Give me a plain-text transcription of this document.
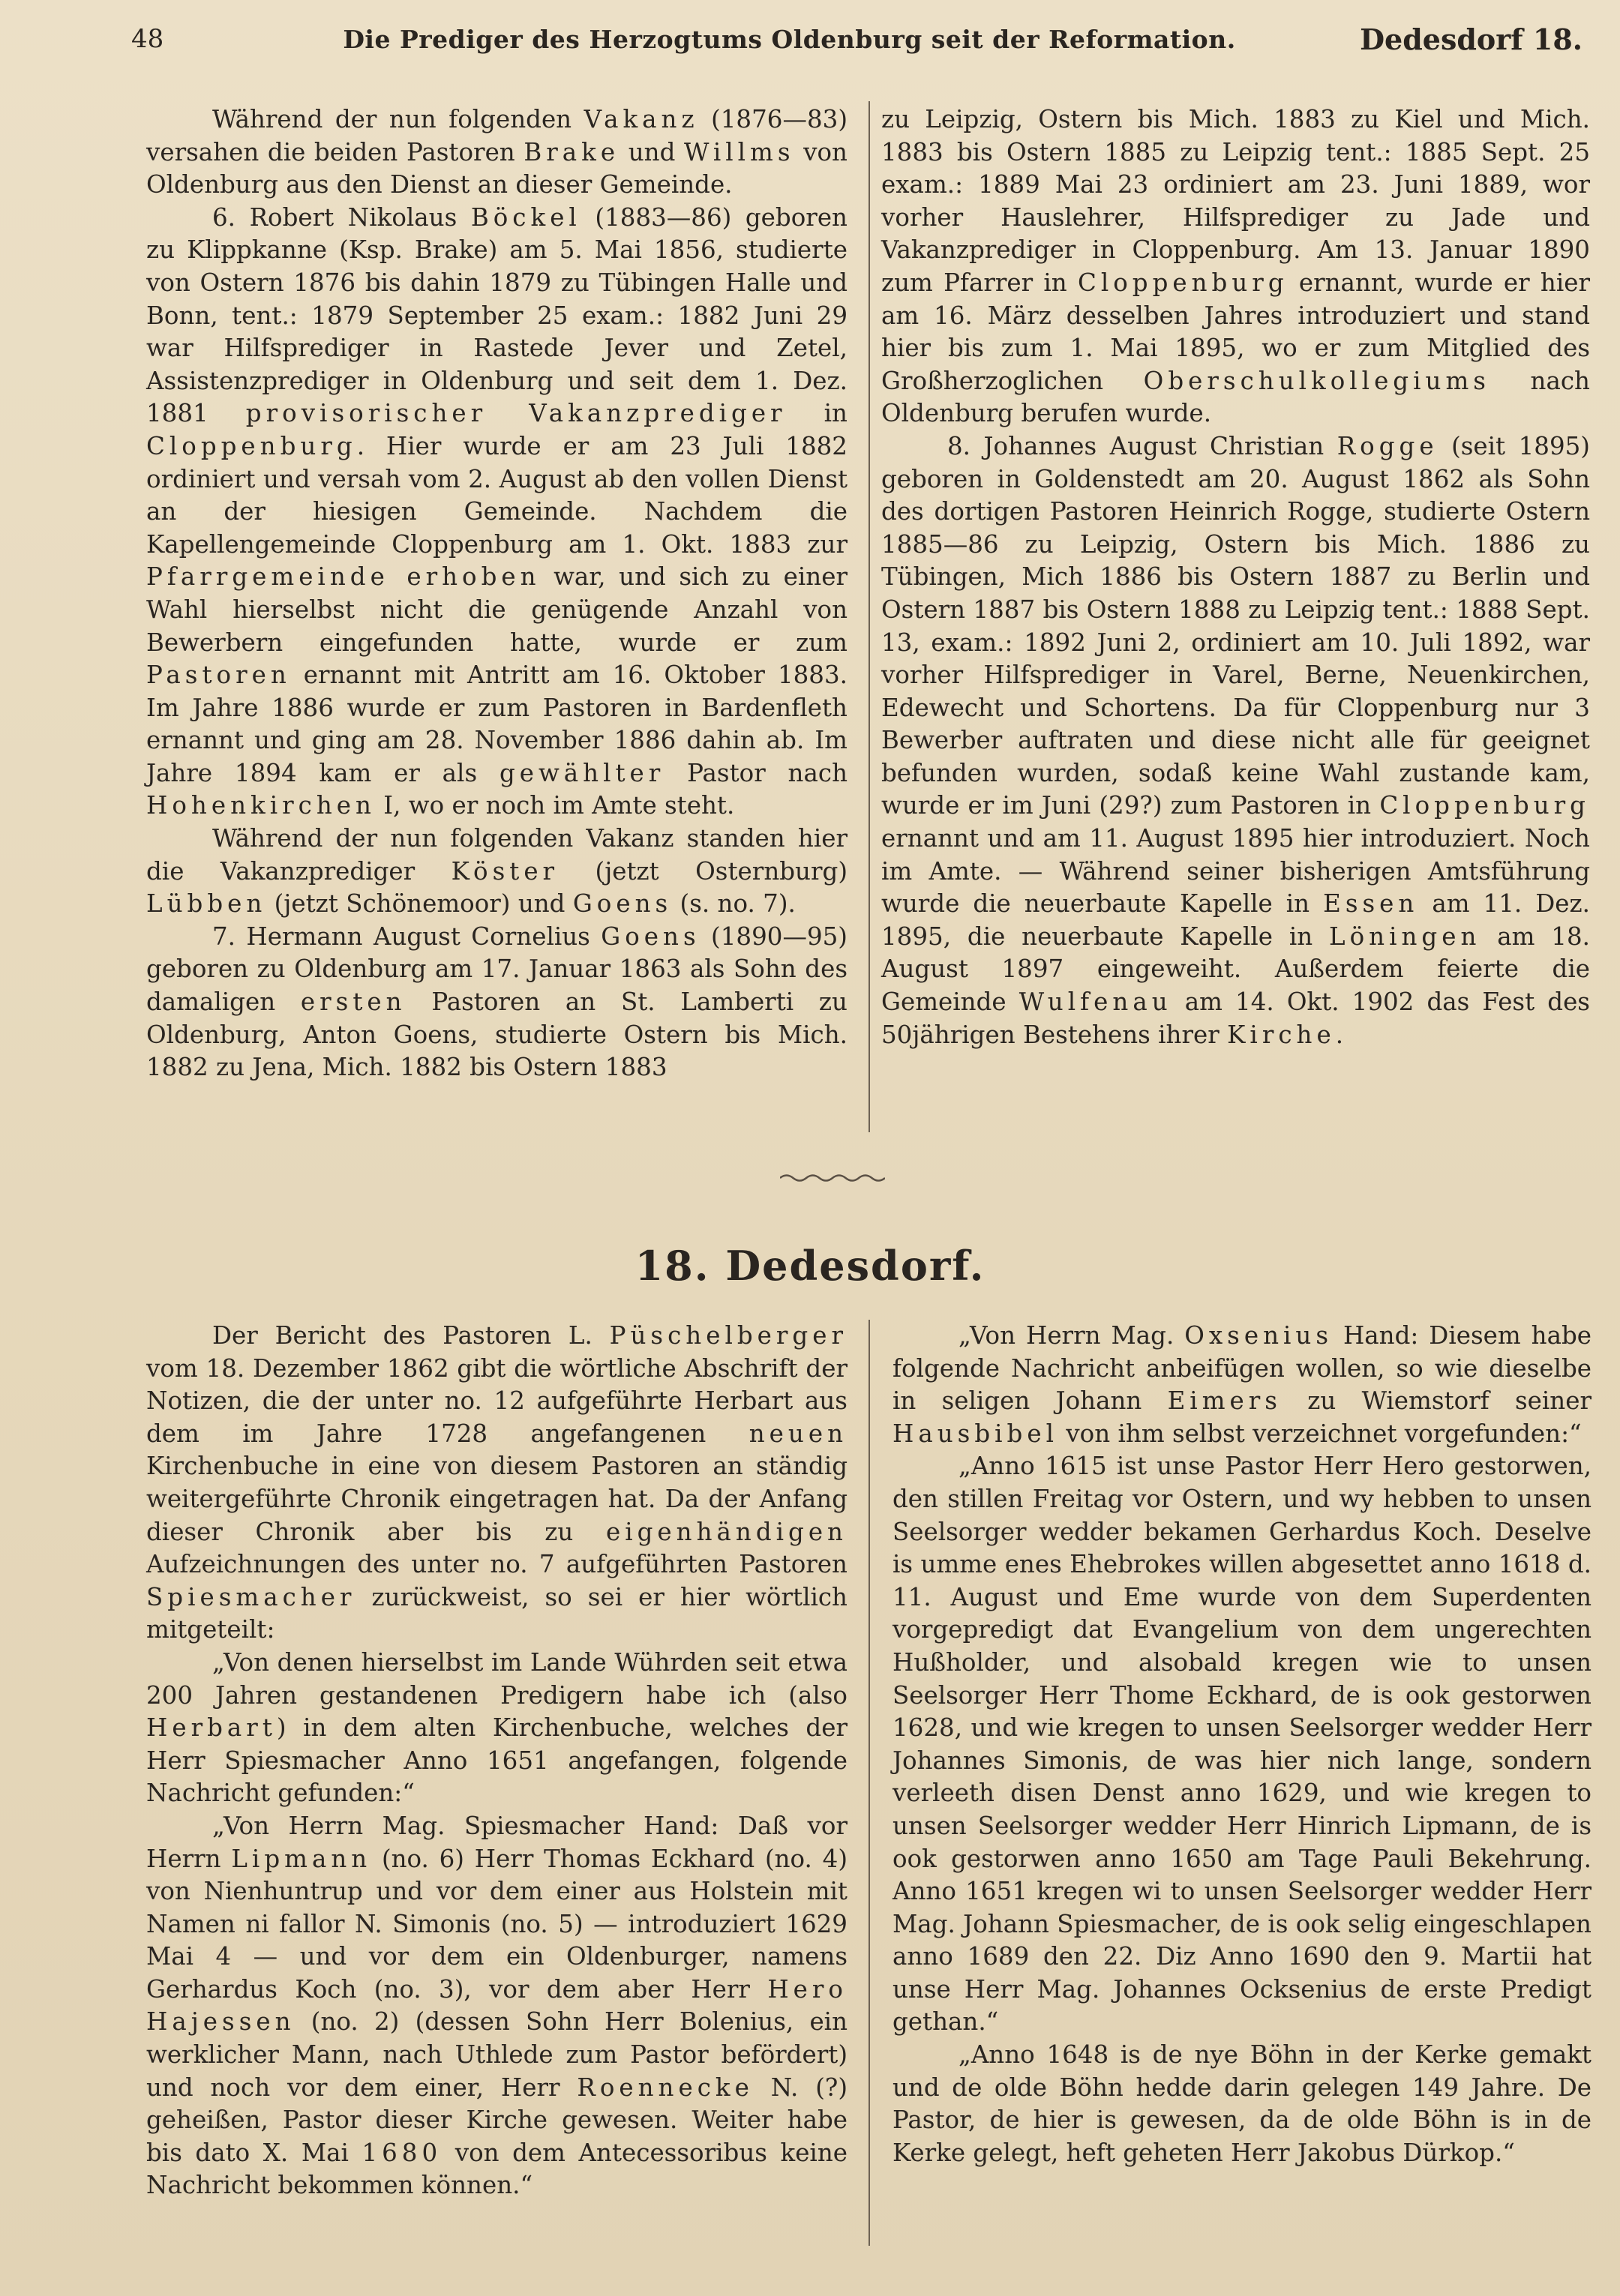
48	Die Prediger des Herzogtums Oldenburg seit der Reformation.	Dedesdorf 18.

Während der nun folgenden Vakanz (1876—83) versahen die beiden Pastoren Brake und Willms von Oldenburg aus den Dienst an dieser Gemeinde.

6. Robert Nikolaus Böckel (1883—86) geboren zu Klippkanne (Ksp. Brake) am 5. Mai 1856, studierte von Ostern 1876 bis dahin 1879 zu Tübingen Halle und Bonn, tent.: 1879 September 25 exam.: 1882 Juni 29 war Hilfsprediger in Rastede Jever und Zetel, Assistenzprediger in Oldenburg und seit dem 1. Dez. 1881 provisorischer Vakanzprediger in Cloppenburg. Hier wurde er am 23 Juli 1882 ordiniert und versah vom 2. August ab den vollen Dienst an der hiesigen Gemeinde. Nachdem die Kapellengemeinde Cloppenburg am 1. Okt. 1883 zur Pfarrgemeinde erhoben war, und sich zu einer Wahl hierselbst nicht die genügende Anzahl von Bewerbern eingefunden hatte, wurde er zum Pastoren ernannt mit Antritt am 16. Oktober 1883. Im Jahre 1886 wurde er zum Pastoren in Bardenfleth ernannt und ging am 28. November 1886 dahin ab. Im Jahre 1894 kam er als gewählter Pastor nach Hohenkirchen I, wo er noch im Amte steht.

Während der nun folgenden Vakanz standen hier die Vakanzprediger Köster (jetzt Osternburg) Lübben (jetzt Schönemoor) und Goens (s. no. 7).

7. Hermann August Cornelius Goens (1890—95) geboren zu Oldenburg am 17. Januar 1863 als Sohn des damaligen ersten Pastoren an St. Lamberti zu Oldenburg, Anton Goens, studierte Ostern bis Mich. 1882 zu Jena, Mich. 1882 bis Ostern 1883

zu Leipzig, Ostern bis Mich. 1883 zu Kiel und Mich. 1883 bis Ostern 1885 zu Leipzig tent.: 1885 Sept. 25 exam.: 1889 Mai 23 ordiniert am 23. Juni 1889, wor vorher Hauslehrer, Hilfsprediger zu Jade und Vakanzprediger in Cloppenburg. Am 13. Januar 1890 zum Pfarrer in Cloppenburg ernannt, wurde er hier am 16. März desselben Jahres introduziert und stand hier bis zum 1. Mai 1895, wo er zum Mitglied des Großherzoglichen Oberschulkollegiums nach Oldenburg berufen wurde.

8. Johannes August Christian Rogge (seit 1895) geboren in Goldenstedt am 20. August 1862 als Sohn des dortigen Pastoren Heinrich Rogge, studierte Ostern 1885—86 zu Leipzig, Ostern bis Mich. 1886 zu Tübingen, Mich 1886 bis Ostern 1887 zu Berlin und Ostern 1887 bis Ostern 1888 zu Leipzig tent.: 1888 Sept. 13, exam.: 1892 Juni 2, ordiniert am 10. Juli 1892, war vorher Hilfsprediger in Varel, Berne, Neuenkirchen, Edewecht und Schortens. Da für Cloppenburg nur 3 Bewerber auftraten und diese nicht alle für geeignet befunden wurden, sodaß keine Wahl zustande kam, wurde er im Juni (29?) zum Pastoren in Cloppenburg ernannt und am 11. August 1895 hier introduziert. Noch im Amte. — Während seiner bisherigen Amtsführung wurde die neuerbaute Kapelle in Essen am 11. Dez. 1895, die neuerbaute Kapelle in Löningen am 18. August 1897 eingeweiht. Außerdem feierte die Gemeinde Wulfenau am 14. Okt. 1902 das Fest des 50jährigen Bestehens ihrer Kirche.

18. Dedesdorf.

Der Bericht des Pastoren L. Püschelberger vom 18. Dezember 1862 gibt die wörtliche Abschrift der Notizen, die der unter no. 12 aufgeführte Herbart aus dem im Jahre 1728 angefangenen neuen Kirchenbuche in eine von diesem Pastoren an ständig weitergeführte Chronik eingetragen hat. Da der Anfang dieser Chronik aber bis zu eigenhändigen Aufzeichnungen des unter no. 7 aufgeführten Pastoren Spiesmacher zurückweist, so sei er hier wörtlich mitgeteilt:

„Von denen hierselbst im Lande Wührden seit etwa 200 Jahren gestandenen Predigern habe ich (also Herbart) in dem alten Kirchenbuche, welches der Herr Spiesmacher Anno 1651 angefangen, folgende Nachricht gefunden:“

„Von Herrn Mag. Spiesmacher Hand: Daß vor Herrn Lipmann (no. 6) Herr Thomas Eckhard (no. 4) von Nienhuntrup und vor dem einer aus Holstein mit Namen ni fallor N. Simonis (no. 5) — introduziert 1629 Mai 4 — und vor dem ein Oldenburger, namens Gerhardus Koch (no. 3), vor dem aber Herr Hero Hajessen (no. 2) (dessen Sohn Herr Bolenius, ein werklicher Mann, nach Uthlede zum Pastor befördert) und noch vor dem einer, Herr Roennecke N. (?) geheißen, Pastor dieser Kirche gewesen. Weiter habe bis dato X. Mai 1680 von dem Antecessoribus keine Nachricht bekommen können.“

„Von Herrn Mag. Oxsenius Hand: Diesem habe folgende Nachricht anbeifügen wollen, so wie dieselbe in seligen Johann Eimers zu Wiemstorf seiner Hausbibel von ihm selbst verzeichnet vorgefunden:“

„Anno 1615 ist unse Pastor Herr Hero gestorwen, den stillen Freitag vor Ostern, und wy hebben to unsen Seelsorger wedder bekamen Gerhardus Koch. Deselve is umme enes Ehebrokes willen abgesettet anno 1618 d. 11. August und Eme wurde von dem Superdenten vorgepredigt dat Evangelium von dem ungerechten Hußholder, und alsobald kregen wie to unsen Seelsorger Herr Thome Eckhard, de is ook gestorwen 1628, und wie kregen to unsen Seelsorger wedder Herr Johannes Simonis, de was hier nich lange, sondern verleeth disen Denst anno 1629, und wie kregen to unsen Seelsorger wedder Herr Hinrich Lipmann, de is ook gestorwen anno 1650 am Tage Pauli Bekehrung. Anno 1651 kregen wi to unsen Seelsorger wedder Herr Mag. Johann Spiesmacher, de is ook selig eingeschlapen anno 1689 den 22. Diz Anno 1690 den 9. Martii hat unse Herr Mag. Johannes Ocksenius de erste Predigt gethan.“

„Anno 1648 is de nye Böhn in der Kerke gemakt und de olde Böhn hedde darin gelegen 149 Jahre. De Pastor, de hier is gewesen, da de olde Böhn is in de Kerke gelegt, heft geheten Herr Jakobus Dürkop.“
